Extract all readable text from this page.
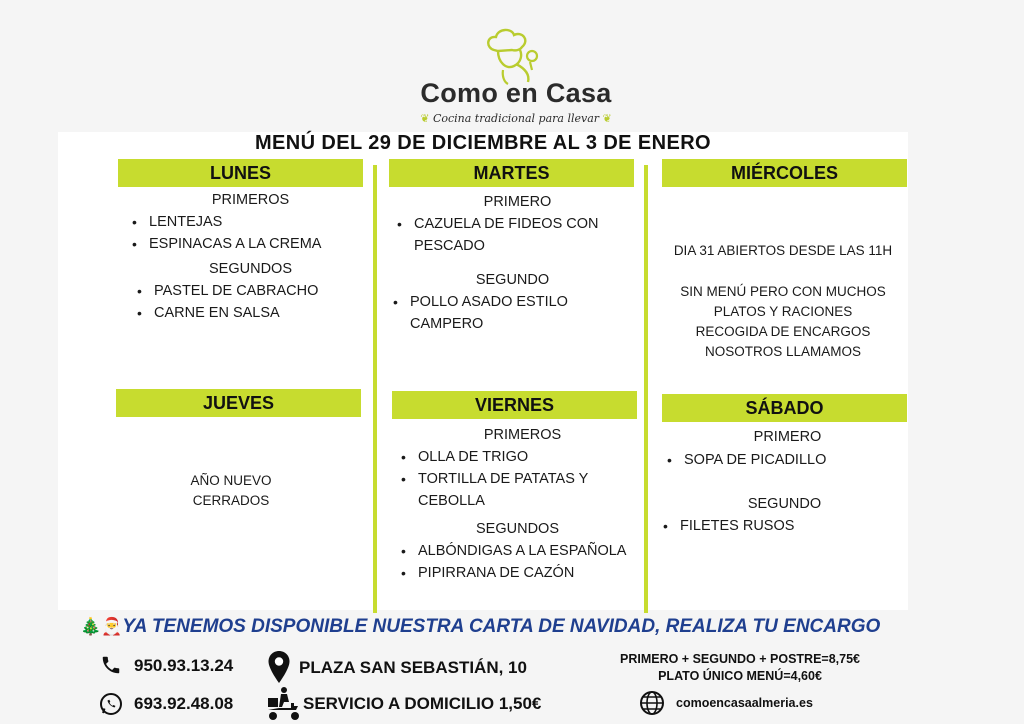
Como en Casa
❦ Cocina tradicional para llevar ❦
MENÚ DEL 29 DE DICIEMBRE AL 3 DE ENERO
LUNES
PRIMEROS
• LENTEJAS
• ESPINACAS A LA CREMA
SEGUNDOS
• PASTEL DE CABRACHO
• CARNE EN SALSA
MARTES
PRIMERO
• CAZUELA DE FIDEOS CON
PESCADO
SEGUNDO
• POLLO ASADO ESTILO
CAMPERO
MIÉRCOLES
DIA 31 ABIERTOS DESDE LAS 11H
SIN MENÚ PERO CON MUCHOS
PLATOS Y RACIONES
RECOGIDA DE ENCARGOS
NOSOTROS LLAMAMOS
JUEVES
AÑO NUEVO
CERRADOS
VIERNES
PRIMEROS
• OLLA DE TRIGO
• TORTILLA DE PATATAS Y
CEBOLLA
SEGUNDOS
• ALBÓNDIGAS A LA ESPAÑOLA
• PIPIRRANA DE CAZÓN
SÁBADO
PRIMERO
• SOPA DE PICADILLO
SEGUNDO
• FILETES RUSOS
🎄🎅YA TENEMOS DISPONIBLE NUESTRA CARTA DE NAVIDAD, REALIZA TU ENCARGO
950.93.13.24
693.92.48.08
PLAZA SAN SEBASTIÁN, 10
SERVICIO A DOMICILIO 1,50€
PRIMERO + SEGUNDO + POSTRE=8,75€
PLATO ÚNICO MENÚ=4,60€
comoencasaalmeria.es
